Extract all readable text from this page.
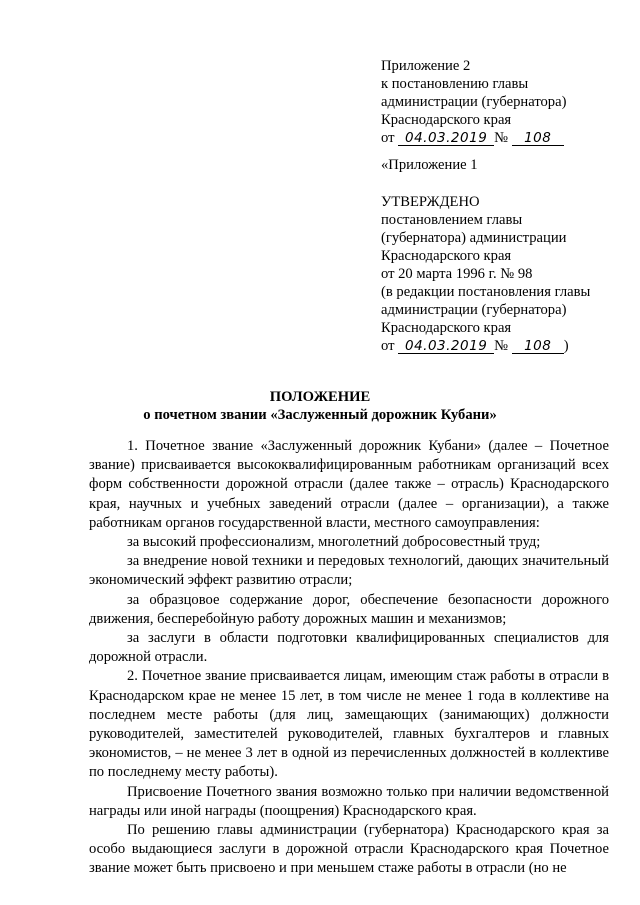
Приложение 2

к постановлению главы

администрации (губернатора)

Краснодарского края

от 04.03.2019 № 108

«Приложение 1

УТВЕРЖДЕНО

постановлением главы

(губернатора) администрации

Краснодарского края

от 20 марта 1996 г. № 98

(в редакции постановления главы

администрации (губернатора)

Краснодарского края

от 04.03.2019 № 108 )

ПОЛОЖЕНИЕ

о почетном звании «Заслуженный дорожник Кубани»

1. Почетное звание «Заслуженный дорожник Кубани» (далее – Почетное звание) присваивается высококвалифицированным работникам организаций всех форм собственности дорожной отрасли (далее также – отрасль) Краснодарского края, научных и учебных заведений отрасли (далее – организации), а также работникам органов государственной власти, местного самоуправления:

за высокий профессионализм, многолетний добросовестный труд;

за внедрение новой техники и передовых технологий, дающих значительный экономический эффект развитию отрасли;

за образцовое содержание дорог, обеспечение безопасности дорожного движения, бесперебойную работу дорожных машин и механизмов;

за заслуги в области подготовки квалифицированных специалистов для дорожной отрасли.

2. Почетное звание присваивается лицам, имеющим стаж работы в отрасли в Краснодарском крае не менее 15 лет, в том числе не менее 1 года в коллективе на последнем месте работы (для лиц, замещающих (занимающих) должности руководителей, заместителей руководителей, главных бухгалтеров и главных экономистов, – не менее 3 лет в одной из перечисленных должностей в коллективе по последнему месту работы).

Присвоение Почетного звания возможно только при наличии ведомственной награды или иной награды (поощрения) Краснодарского края.

По решению главы администрации (губернатора) Краснодарского края за особо выдающиеся заслуги в дорожной отрасли Краснодарского края Почетное звание может быть присвоено и при меньшем стаже работы в отрасли (но не
